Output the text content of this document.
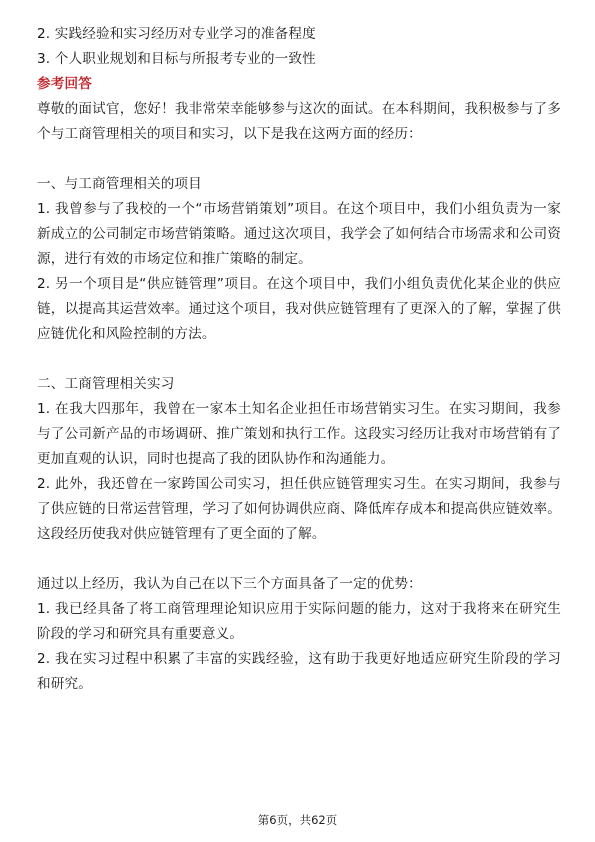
2. 实践经验和实习经历对专业学习的准备程度

3. 个人职业规划和目标与所报考专业的一致性

参考回答

尊敬的面试官，您好！我非常荣幸能够参与这次的面试。在本科期间，我积极参与了多个与工商管理相关的项目和实习，以下是我在这两方面的经历：

一、与工商管理相关的项目

1. 我曾参与了我校的一个“市场营销策划”项目。在这个项目中，我们小组负责为一家新成立的公司制定市场营销策略。通过这次项目，我学会了如何结合市场需求和公司资源，进行有效的市场定位和推广策略的制定。

2. 另一个项目是“供应链管理”项目。在这个项目中，我们小组负责优化某企业的供应链，以提高其运营效率。通过这个项目，我对供应链管理有了更深入的了解，掌握了供应链优化和风险控制的方法。

二、工商管理相关实习

1. 在我大四那年，我曾在一家本土知名企业担任市场营销实习生。在实习期间，我参与了公司新产品的市场调研、推广策划和执行工作。这段实习经历让我对市场营销有了更加直观的认识，同时也提高了我的团队协作和沟通能力。

2. 此外，我还曾在一家跨国公司实习，担任供应链管理实习生。在实习期间，我参与了供应链的日常运营管理，学习了如何协调供应商、降低库存成本和提高供应链效率。这段经历使我对供应链管理有了更全面的了解。

通过以上经历，我认为自己在以下三个方面具备了一定的优势：

1. 我已经具备了将工商管理理论知识应用于实际问题的能力，这对于我将来在研究生阶段的学习和研究具有重要意义。

2. 我在实习过程中积累了丰富的实践经验，这有助于我更好地适应研究生阶段的学习和研究。

第6页，共62页
